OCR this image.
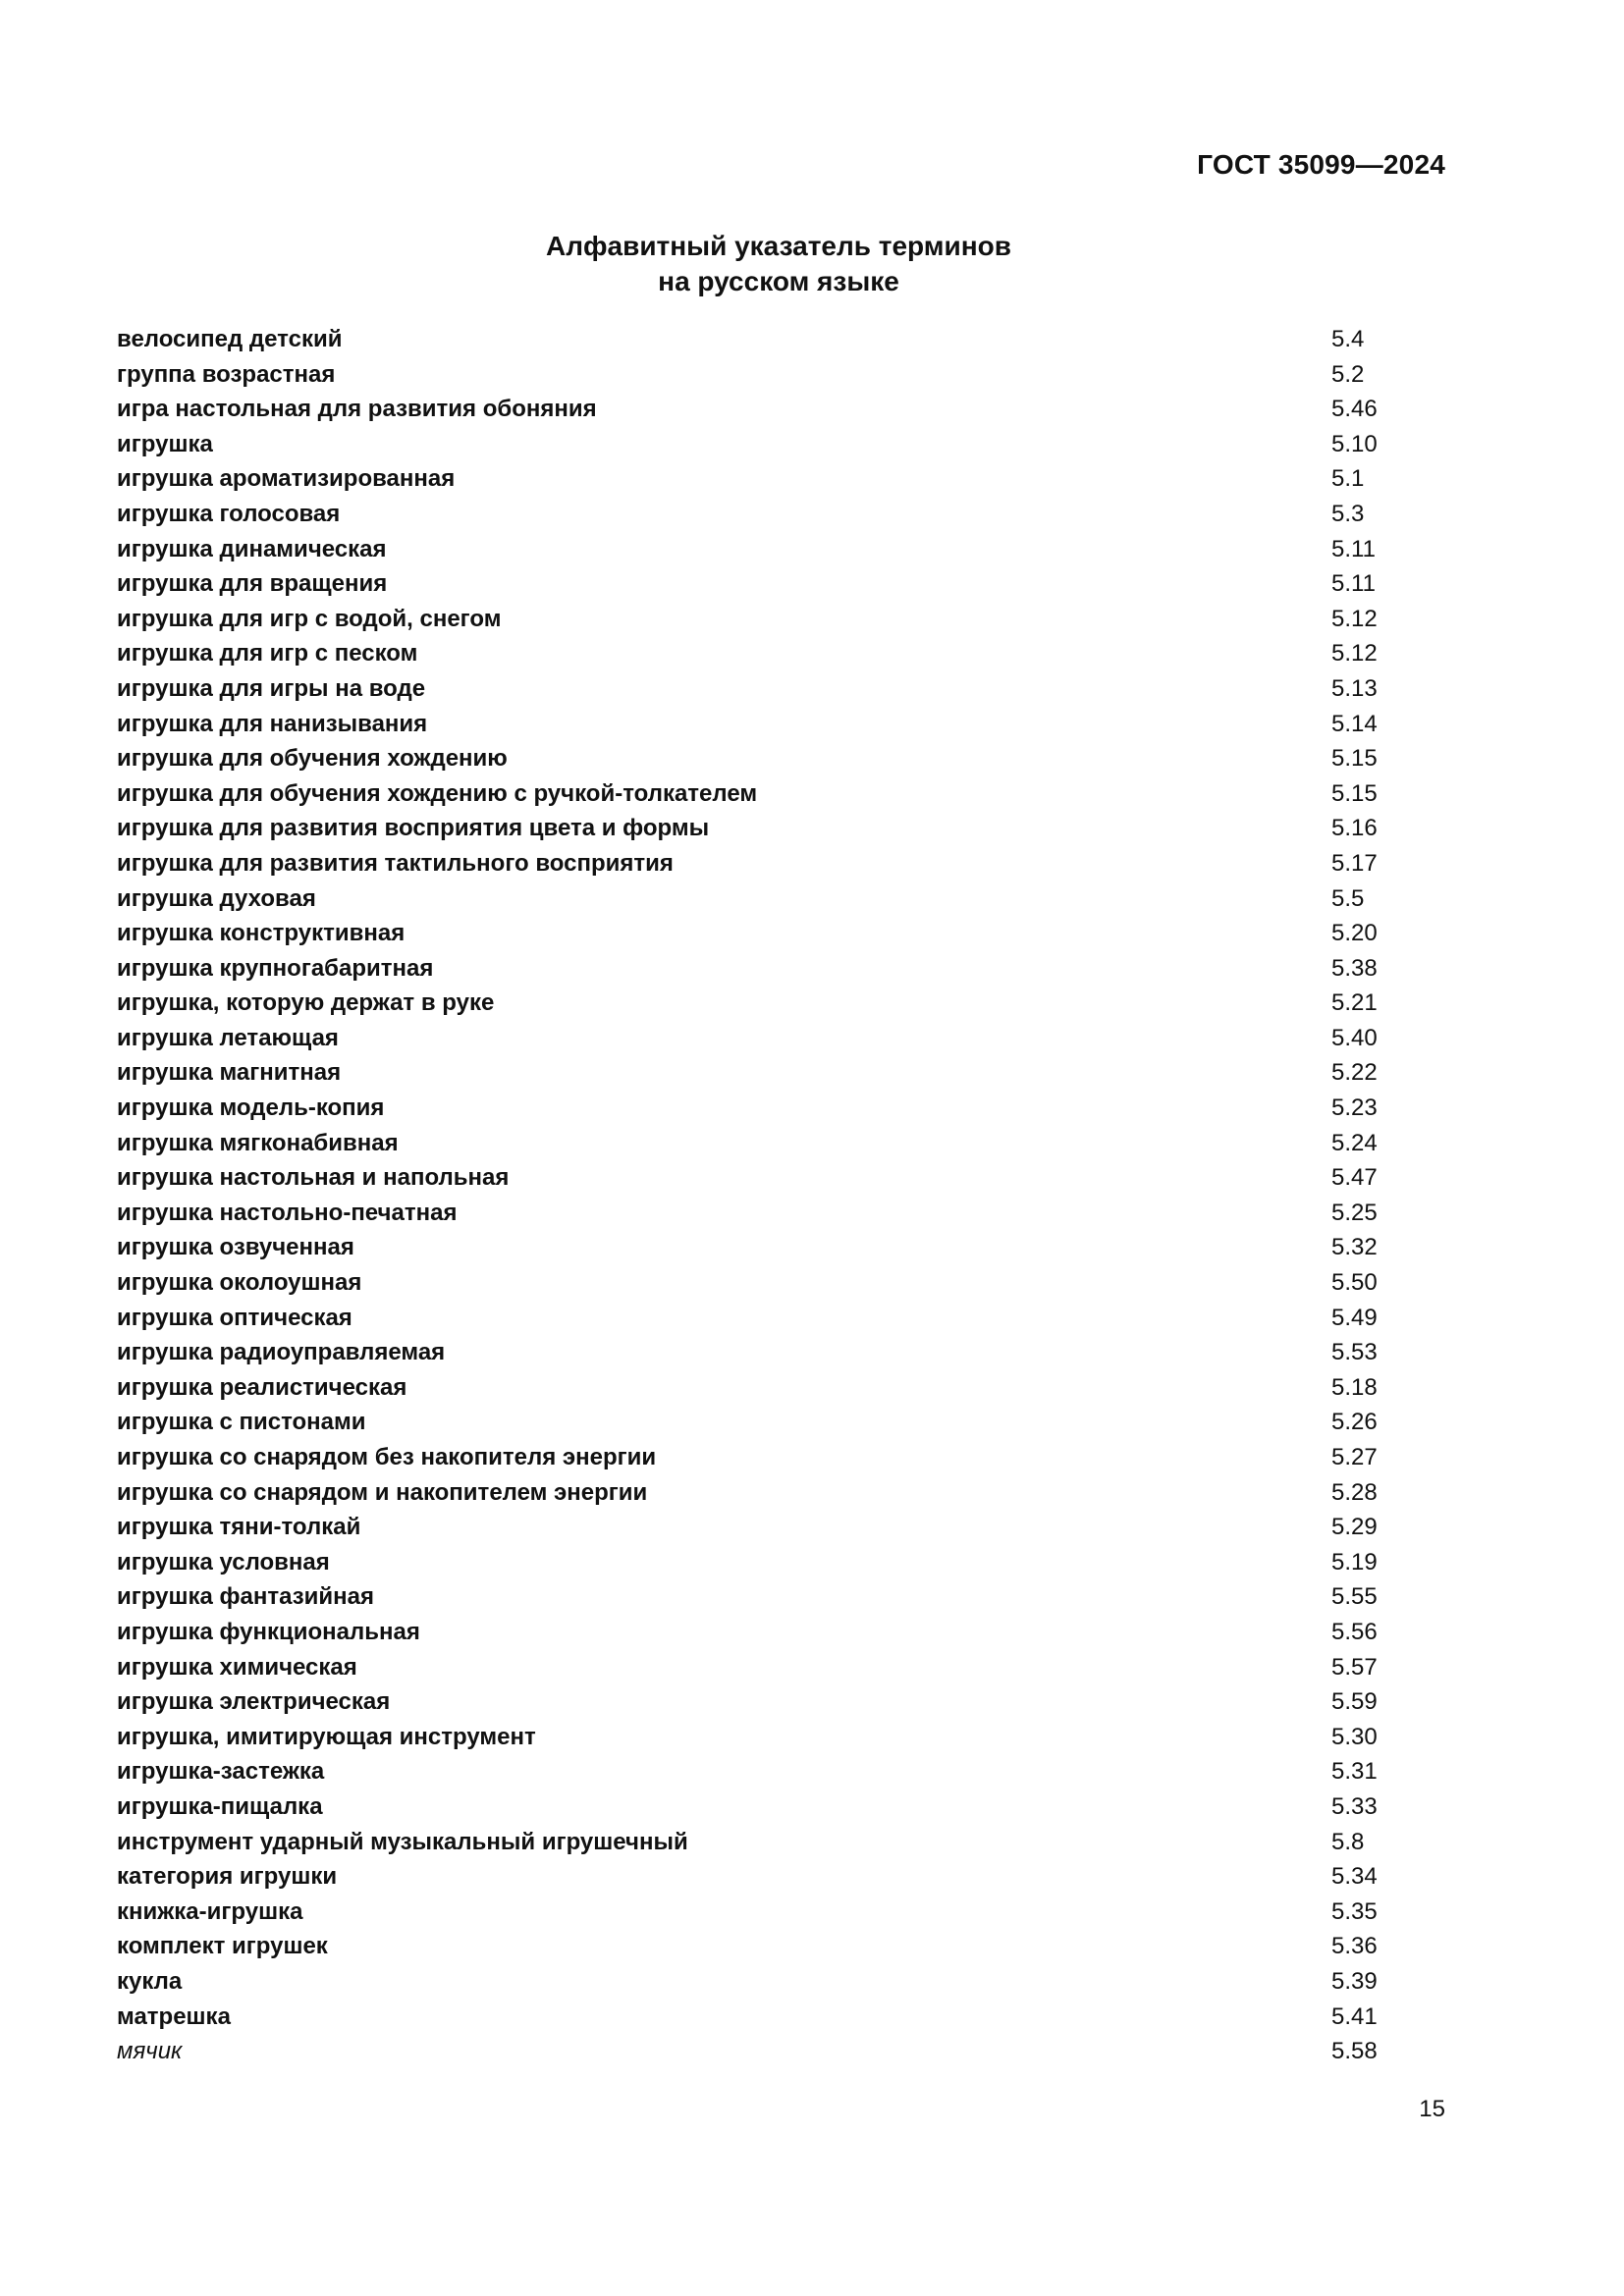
ГОСТ 35099—2024
Алфавитный указатель терминов
на русском языке
велосипед детский	5.4
группа возрастная	5.2
игра настольная для развития обоняния	5.46
игрушка	5.10
игрушка ароматизированная	5.1
игрушка голосовая	5.3
игрушка динамическая	5.11
игрушка для вращения	5.11
игрушка для игр с водой, снегом	5.12
игрушка для игр с песком	5.12
игрушка для игры на воде	5.13
игрушка для нанизывания	5.14
игрушка для обучения хождению	5.15
игрушка для обучения хождению с ручкой-толкателем	5.15
игрушка для развития восприятия цвета и формы	5.16
игрушка для развития тактильного восприятия	5.17
игрушка духовая	5.5
игрушка конструктивная	5.20
игрушка крупногабаритная	5.38
игрушка, которую держат в руке	5.21
игрушка летающая	5.40
игрушка магнитная	5.22
игрушка модель-копия	5.23
игрушка мягконабивная	5.24
игрушка настольная и напольная	5.47
игрушка настольно-печатная	5.25
игрушка озвученная	5.32
игрушка околоушная	5.50
игрушка оптическая	5.49
игрушка радиоуправляемая	5.53
игрушка реалистическая	5.18
игрушка с пистонами	5.26
игрушка со снарядом без накопителя энергии	5.27
игрушка со снарядом и накопителем энергии	5.28
игрушка тяни-толкай	5.29
игрушка условная	5.19
игрушка фантазийная	5.55
игрушка функциональная	5.56
игрушка химическая	5.57
игрушка электрическая	5.59
игрушка, имитирующая инструмент	5.30
игрушка-застежка	5.31
игрушка-пищалка	5.33
инструмент ударный музыкальный игрушечный	5.8
категория игрушки	5.34
книжка-игрушка	5.35
комплект игрушек	5.36
кукла	5.39
матрешка	5.41
мячик	5.58
15
